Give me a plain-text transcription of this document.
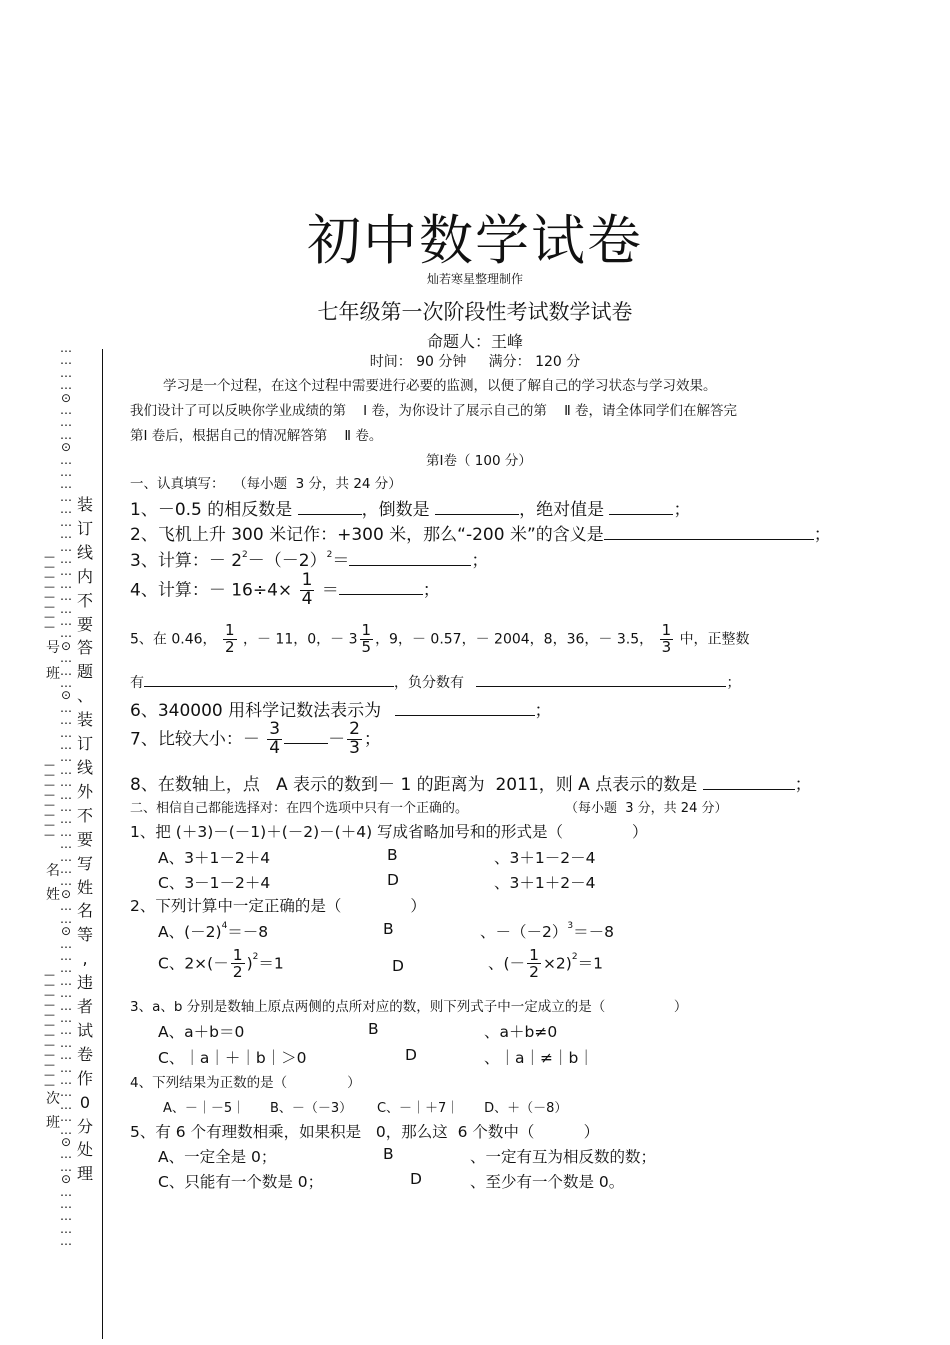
初中数学试卷
灿若寒星整理制作
七年级第一次阶段性考试数学试卷
命题人：王峰
时间： 90 分钟     满分： 120 分
学习是一个过程，在这个过程中需要进行必要的监测，以便了解自己的学习状态与学习效果。
我们设计了可以反映你学业成绩的第    Ⅰ 卷，为你设计了展示自己的第    Ⅱ 卷，请全体同学们在解答完
第Ⅰ 卷后，根据自己的情况解答第    Ⅱ 卷。
第Ⅰ卷（ 100 分）
一、认真填写：  （每小题  3 分，共 24 分）
1、－0.5 的相反数是	，倒数是	，绝对值是	；
2、飞机上升 300 米记作：+300 米，那么“-200 米”的含义是	；
3、计算：－ $2^2-(-2)^2=$	；
4、计算：－ $16\div 4\times \frac{1}{4}$ ＝	；
5、在 0.46， $\frac{1}{2}$ ，－ 11，0，－ $3 \frac{1}{5}$ ，9，－ 0.57，－ 2004，8，36，－ 3.5， $\frac{1}{3}$ 中，正整数
有	，负分数有	；
6、340000 用科学记数法表示为	；
7、比较大小：－ $\frac{3}{4}$	－ $\frac{2}{3}$ ；
8、在数轴上，点   A 表示的数到－ 1 的距离为  2011，则 A 点表示的数是	；
二、相信自己都能选择对：在四个选项中只有一个正确的。	（每小题  3 分，共 24 分）
1、把 (＋3)－(－1)＋(－2)－(＋4) 写成省略加号和的形式是（              ）
A、3＋1－2＋4	B	、3＋1－2－4
C、3－1－2＋4	D	、3＋1＋2－4
2、下列计算中一定正确的是（              ）
A、$(-2)^4=-8$	B	、$-(-2)^3=-8$
C、$2\times(- \frac{1}{2} )^2=1$	D	、(－ $\frac{1}{2} \times 2)^2=1$
3、a、b 分别是数轴上原点两侧的点所对应的数，则下列式子中一定成立的是（                ）
A、a＋b＝0	B	、a＋b≠0
C、｜a｜＋｜b｜＞0	D	、｜a｜≠｜b｜
4、下列结果为正数的是（              ）
A、－｜－5｜      B、－（－3）      C、－｜＋7｜      D、＋（－8）
5、有 6 个有理数相乘，如果积是   0，那么这  6 个数中（          ）
A、一定全是 0；	B	、一定有互为相反数的数；
C、只能有一个数是 0；	D	、至少有一个数是 0。
…
…
…
…
⊙
…
…
…
⊙
…
…
…
…
…
…
…
…
…
…
…
…
…
…
…
⊙
…
…
…
⊙
…
…
…
…
…
…
…
…
…
…
…
…
…
…
…
⊙
…
…
⊙
…
…
…
…
…
…
…
…
…
…
…
…
…
…
…
…
⊙
…
…
⊙
…
…
…
…
…
装
订
线
内
不
要
答
题
、
装
订
线
外
不
要
写
姓
名
等
,
违
者
试
卷
作
0
分
处
理
—
—
—
—
—
—
—
—
号
班
—
—
—
—
—
—
—
—
名
姓
—
—
—
—
—
—
—
—
—
—
—
—
次
班
